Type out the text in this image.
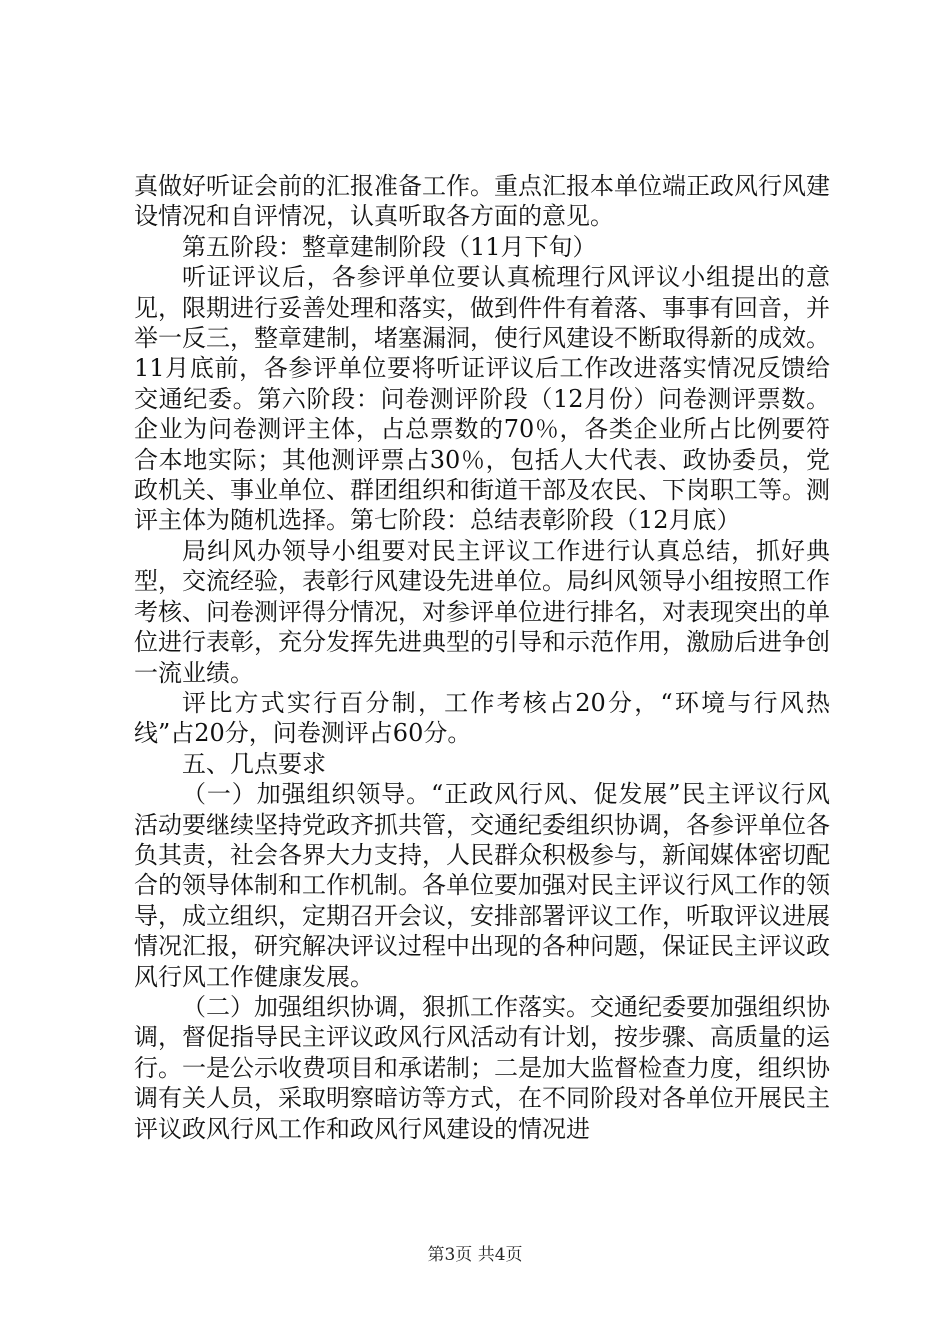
真做好听证会前的汇报准备工作。重点汇报本单位端正政风行风建设情况和自评情况，认真听取各方面的意见。

第五阶段：整章建制阶段（11月下旬）

听证评议后，各参评单位要认真梳理行风评议小组提出的意见，限期进行妥善处理和落实，做到件件有着落、事事有回音，并举一反三，整章建制，堵塞漏洞，使行风建设不断取得新的成效。11月底前，各参评单位要将听证评议后工作改进落实情况反馈给交通纪委。第六阶段：问卷测评阶段（12月份）问卷测评票数。企业为问卷测评主体，占总票数的70％，各类企业所占比例要符合本地实际；其他测评票占30％，包括人大代表、政协委员，党政机关、事业单位、群团组织和街道干部及农民、下岗职工等。测评主体为随机选择。第七阶段：总结表彰阶段（12月底）

局纠风办领导小组要对民主评议工作进行认真总结，抓好典型，交流经验，表彰行风建设先进单位。局纠风领导小组按照工作考核、问卷测评得分情况，对参评单位进行排名，对表现突出的单位进行表彰，充分发挥先进典型的引导和示范作用，激励后进争创一流业绩。

评比方式实行百分制，工作考核占20分，“环境与行风热线”占20分，问卷测评占60分。

五、几点要求

（一）加强组织领导。“正政风行风、促发展”民主评议行风活动要继续坚持党政齐抓共管，交通纪委组织协调，各参评单位各负其责，社会各界大力支持，人民群众积极参与，新闻媒体密切配合的领导体制和工作机制。各单位要加强对民主评议行风工作的领导，成立组织，定期召开会议，安排部署评议工作，听取评议进展情况汇报，研究解决评议过程中出现的各种问题，保证民主评议政风行风工作健康发展。

（二）加强组织协调，狠抓工作落实。交通纪委要加强组织协调，督促指导民主评议政风行风活动有计划，按步骤、高质量的运行。一是公示收费项目和承诺制；二是加大监督检查力度，组织协调有关人员，采取明察暗访等方式，在不同阶段对各单位开展民主评议政风行风工作和政风行风建设的情况进

第3页 共4页
